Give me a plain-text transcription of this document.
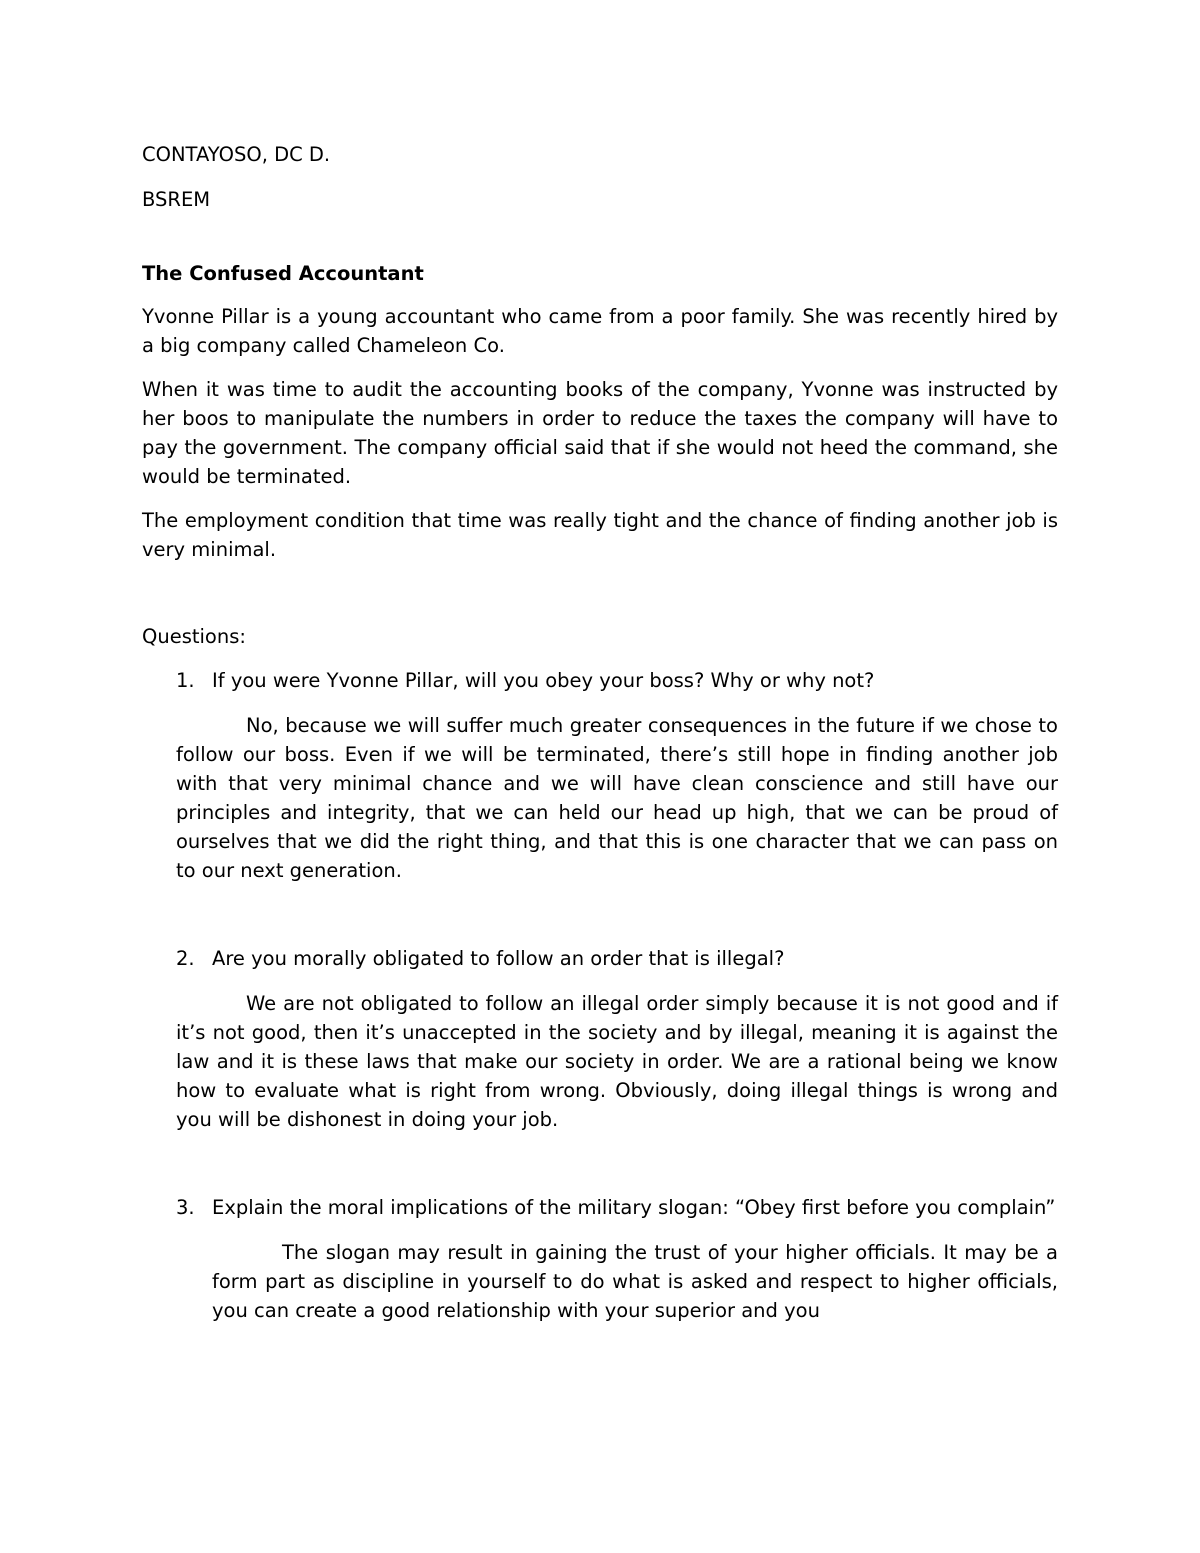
CONTAYOSO, DC D.

BSREM

The Confused Accountant

Yvonne Pillar is a young accountant who came from a poor family. She was recently hired by a big company called Chameleon Co.

When it was time to audit the accounting books of the company, Yvonne was instructed by her boos to manipulate the numbers in order to reduce the taxes the company will have to pay the government. The company official said that if she would not heed the command, she would be terminated.

The employment condition that time was really tight and the chance of finding another job is very minimal.

Questions:

1. If you were Yvonne Pillar, will you obey your boss? Why or why not?

No, because we will suffer much greater consequences in the future if we chose to follow our boss. Even if we will be terminated, there’s still hope in finding another job with that very minimal chance and we will have clean conscience and still have our principles and integrity, that we can held our head up high, that we can be proud of ourselves that we did the right thing, and that this is one character that we can pass on to our next generation.

2. Are you morally obligated to follow an order that is illegal?

We are not obligated to follow an illegal order simply because it is not good and if it’s not good, then it’s unaccepted in the society and by illegal, meaning it is against the law and it is these laws that make our society in order. We are a rational being we know how to evaluate what is right from wrong. Obviously, doing illegal things is wrong and you will be dishonest in doing your job.

3. Explain the moral implications of the military slogan: “Obey first before you complain”

The slogan may result in gaining the trust of your higher officials. It may be a form part as discipline in yourself to do what is asked and respect to higher officials, you can create a good relationship with your superior and you
